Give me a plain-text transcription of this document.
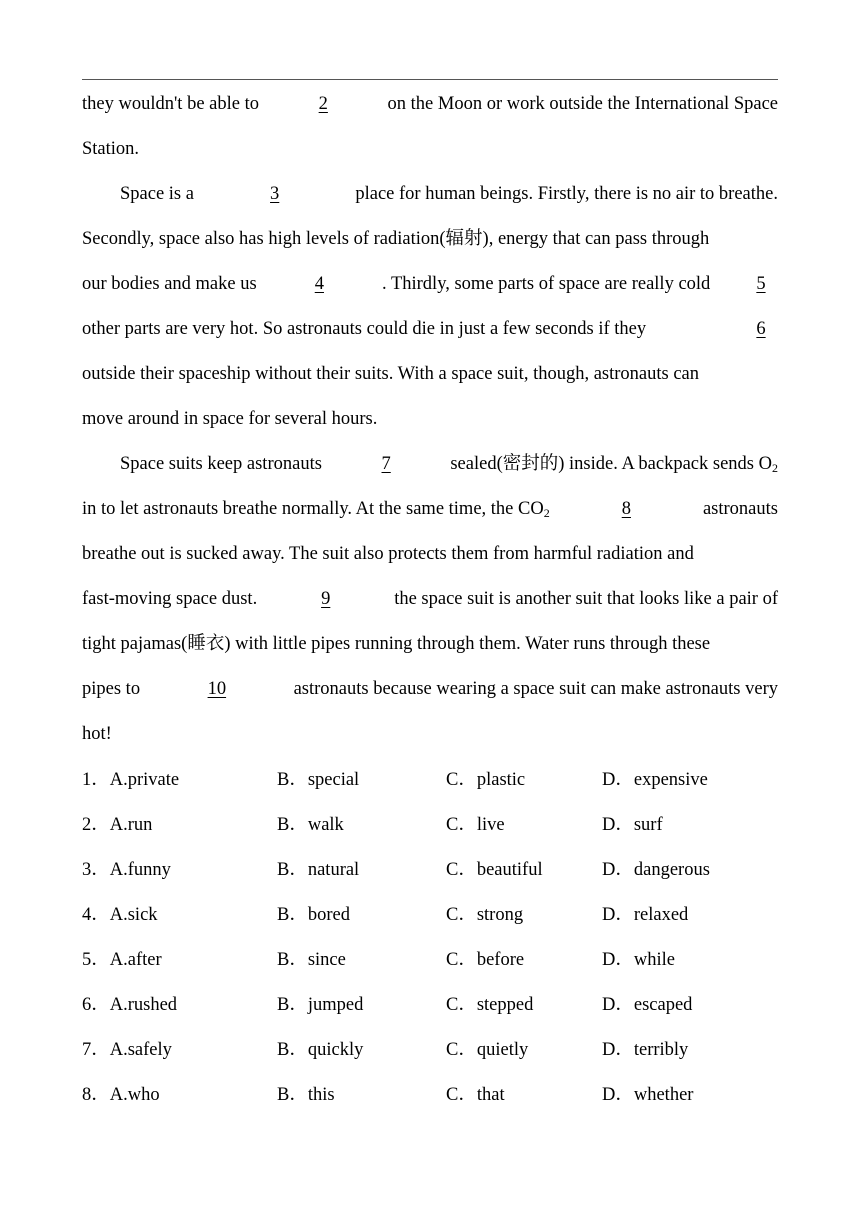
they wouldn't be able to	2	on the Moon or work outside the International Space
Station.
Space is a	3	place for human beings. Firstly, there is no air to breathe.
Secondly, space also has high levels of radiation(辐射), energy that can pass through
our bodies and make us	4	. Thirdly, some parts of space are really cold	5
other parts are very hot. So astronauts could die in just a few seconds if they	6
outside their spaceship without their suits. With a space suit, though, astronauts can
move around in space for several hours.
Space suits keep astronauts	7	sealed(密封的) inside. A backpack sends $O_2$
in to let astronauts breathe normally. At the same time, the $CO_2$	8	astronauts
breathe out is sucked away. The suit also protects them from harmful radiation and
fast-moving space dust.	9	the space suit is another suit that looks like a pair of
tight pajamas(睡衣) with little pipes running through them. Water runs through these
pipes to	10	astronauts because wearing a space suit can make astronauts very
hot!
1．A.private	B．special	C．plastic	D．expensive
2．A.run	B．walk	C．live	D．surf
3．A.funny	B．natural	C．beautiful	D．dangerous
4．A.sick	B．bored	C．strong	D．relaxed
5．A.after	B．since	C．before	D．while
6．A.rushed	B．jumped	C．stepped	D．escaped
7．A.safely	B．quickly	C．quietly	D．terribly
8．A.who	B．this	C．that	D．whether
